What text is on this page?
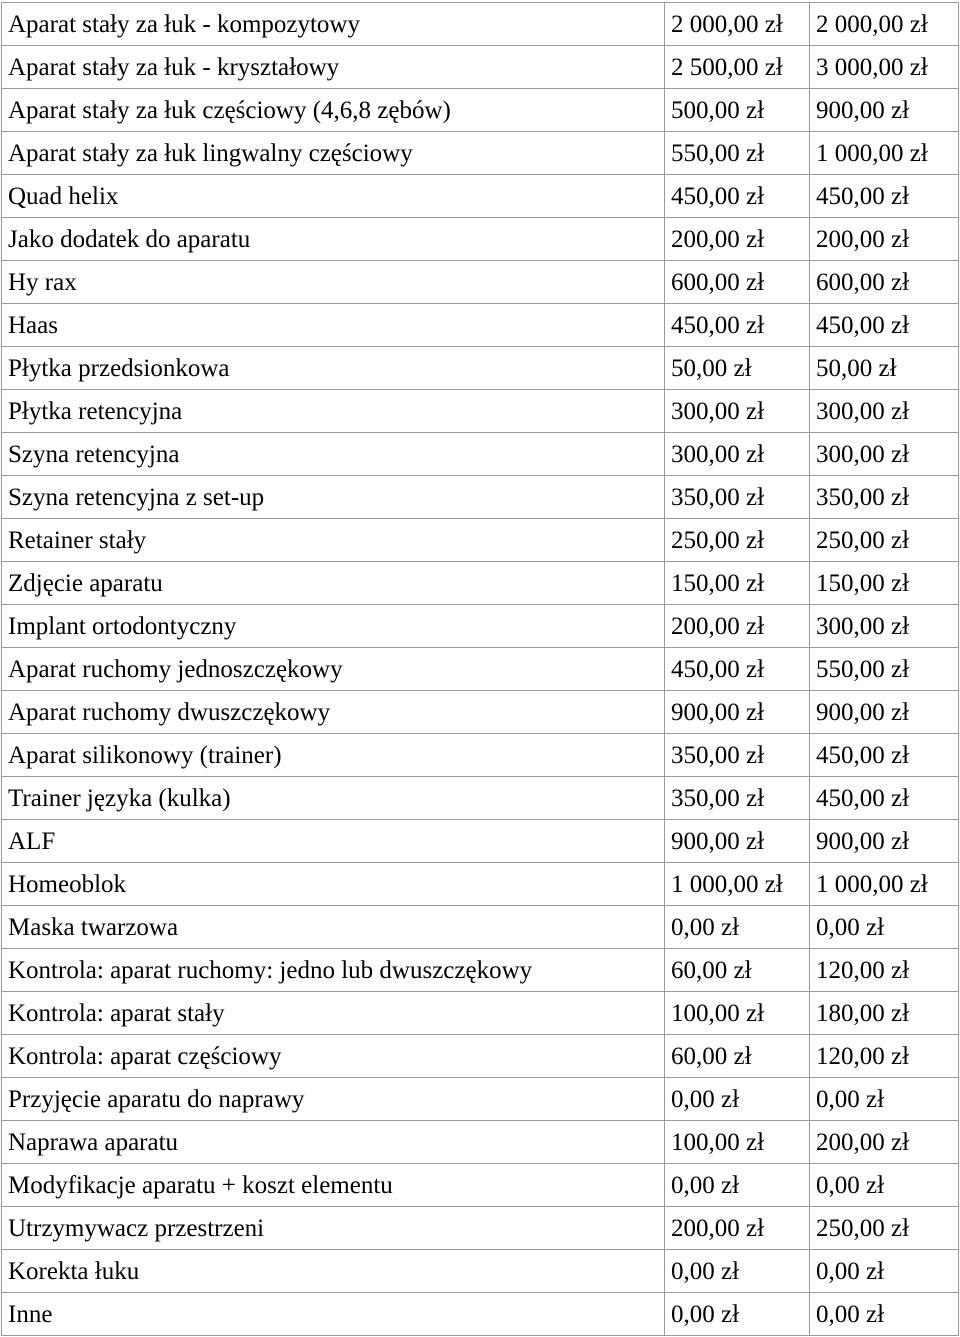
Aparat stały za łuk - kompozytowy	2 000,00 zł	2 000,00 zł
Aparat stały za łuk - kryształowy	2 500,00 zł	3 000,00 zł
Aparat stały za łuk częściowy (4,6,8 zębów)	500,00 zł	900,00 zł
Aparat stały za łuk lingwalny częściowy	550,00 zł	1 000,00 zł
Quad helix	450,00 zł	450,00 zł
Jako dodatek do aparatu	200,00 zł	200,00 zł
Hy rax	600,00 zł	600,00 zł
Haas	450,00 zł	450,00 zł
Płytka przedsionkowa	50,00 zł	50,00 zł
Płytka retencyjna	300,00 zł	300,00 zł
Szyna retencyjna	300,00 zł	300,00 zł
Szyna retencyjna z set-up	350,00 zł	350,00 zł
Retainer stały	250,00 zł	250,00 zł
Zdjęcie aparatu	150,00 zł	150,00 zł
Implant ortodontyczny	200,00 zł	300,00 zł
Aparat ruchomy jednoszczękowy	450,00 zł	550,00 zł
Aparat ruchomy dwuszczękowy	900,00 zł	900,00 zł
Aparat silikonowy (trainer)	350,00 zł	450,00 zł
Trainer języka (kulka)	350,00 zł	450,00 zł
ALF	900,00 zł	900,00 zł
Homeoblok	1 000,00 zł	1 000,00 zł
Maska twarzowa	0,00 zł	0,00 zł
Kontrola: aparat ruchomy: jedno lub dwuszczękowy	60,00 zł	120,00 zł
Kontrola: aparat stały	100,00 zł	180,00 zł
Kontrola: aparat częściowy	60,00 zł	120,00 zł
Przyjęcie aparatu do naprawy	0,00 zł	0,00 zł
Naprawa aparatu	100,00 zł	200,00 zł
Modyfikacje aparatu + koszt elementu	0,00 zł	0,00 zł
Utrzymywacz przestrzeni	200,00 zł	250,00 zł
Korekta łuku	0,00 zł	0,00 zł
Inne	0,00 zł	0,00 zł
